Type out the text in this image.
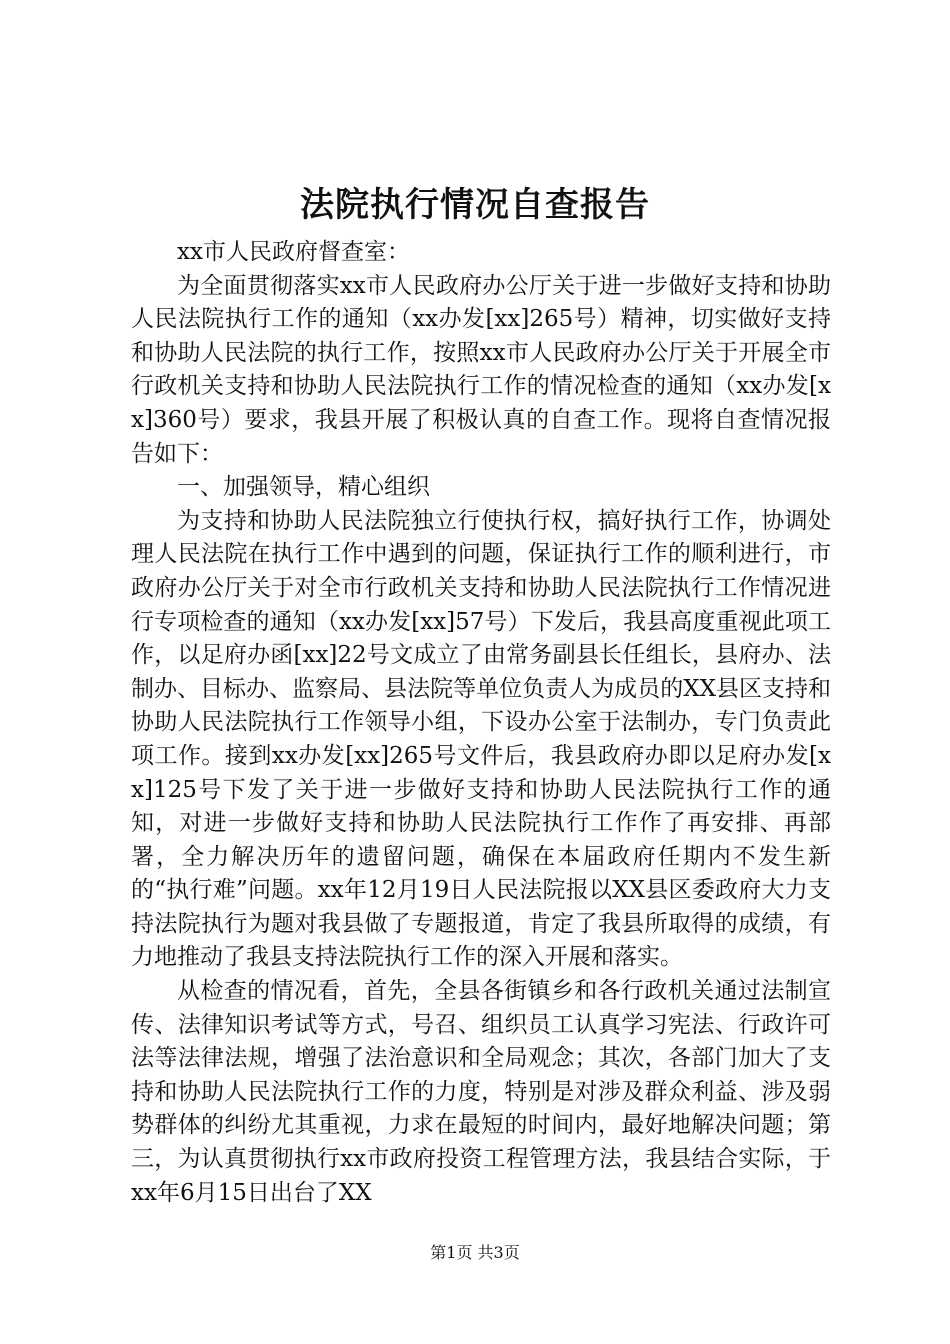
法院执行情况自查报告

xx市人民政府督查室：

为全面贯彻落实xx市人民政府办公厅关于进一步做好支持和协助人民法院执行工作的通知（xx办发[xx]265号）精神，切实做好支持和协助人民法院的执行工作，按照xx市人民政府办公厅关于开展全市行政机关支持和协助人民法院执行工作的情况检查的通知（xx办发[xx]360号）要求，我县开展了积极认真的自查工作。现将自查情况报告如下：

一、加强领导，精心组织

为支持和协助人民法院独立行使执行权，搞好执行工作，协调处理人民法院在执行工作中遇到的问题，保证执行工作的顺利进行，市政府办公厅关于对全市行政机关支持和协助人民法院执行工作情况进行专项检查的通知（xx办发[xx]57号）下发后，我县高度重视此项工作，以足府办函[xx]22号文成立了由常务副县长任组长，县府办、法制办、目标办、监察局、县法院等单位负责人为成员的XX县区支持和协助人民法院执行工作领导小组，下设办公室于法制办，专门负责此项工作。接到xx办发[xx]265号文件后，我县政府办即以足府办发[xx]125号下发了关于进一步做好支持和协助人民法院执行工作的通知，对进一步做好支持和协助人民法院执行工作作了再安排、再部署，全力解决历年的遗留问题，确保在本届政府任期内不发生新的“执行难”问题。xx年12月19日人民法院报以XX县区委政府大力支持法院执行为题对我县做了专题报道，肯定了我县所取得的成绩，有力地推动了我县支持法院执行工作的深入开展和落实。

从检查的情况看，首先，全县各街镇乡和各行政机关通过法制宣传、法律知识考试等方式，号召、组织员工认真学习宪法、行政许可法等法律法规，增强了法治意识和全局观念；其次，各部门加大了支持和协助人民法院执行工作的力度，特别是对涉及群众利益、涉及弱势群体的纠纷尤其重视，力求在最短的时间内，最好地解决问题；第三，为认真贯彻执行xx市政府投资工程管理方法，我县结合实际，于xx年6月15日出台了XX

第1页 共3页
